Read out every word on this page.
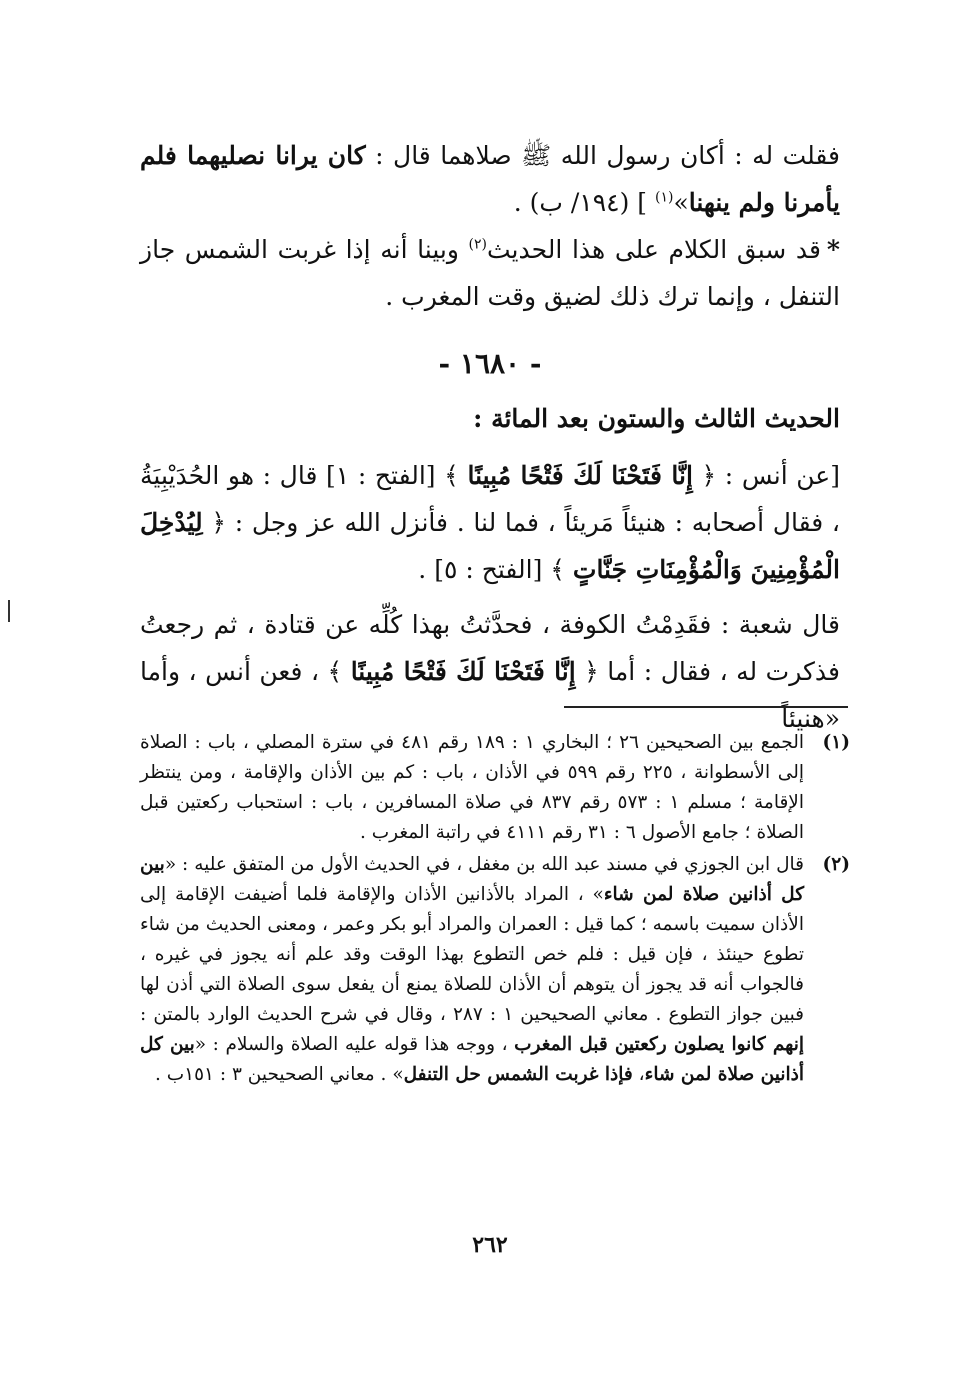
فقلت له : أكان رسول الله ﷺ صلاهما قال : كان يرانا نصليهما فلم يأمرنا ولم ينهنا»$^{(١)}$ ] (١٩٤/ ب) .

*قد سبق الكلام على هذا الحديث$^{(٢)}$ وبينا أنه إذا غربت الشمس جاز التنفل ، وإنما ترك ذلك لضيق وقت المغرب .

- ١٦٨٠ -

الحديث الثالث والستون بعد المائة :

[عن أنس : ﴿ إِنَّا فَتَحْنَا لَكَ فَتْحًا مُبِينًا ﴾ [الفتح : ١] قال : هو الحُدَيْبِيَةُ ، فقال أصحابه : هنيئاً مَريئاً ، فما لنا . فأنزل الله عز وجل : ﴿ لِيُدْخِلَ الْمُؤْمِنِينَ وَالْمُؤْمِنَاتِ جَنَّاتٍ ﴾ [الفتح : ٥] .

قال شعبة : فقَدِمْتُ الكوفة ، فحدَّثتُ بهذا كُلِّه عن قتادة ، ثم رجعتُ فذكرت له ، فقال : أما ﴿ إِنَّا فَتَحْنَا لَكَ فَتْحًا مُبِينًا ﴾ ، فعن أنس ، وأما «هنيئاً

(١)
الجمع بين الصحيحين ٢٦ ؛ البخاري ١ : ١٨٩ رقم ٤٨١ في سترة المصلي ، باب : الصلاة إلى الأسطوانة ، ٢٢٥ رقم ٥٩٩ في الأذان ، باب : كم بين الأذان والإقامة ، ومن ينتظر الإقامة ؛ مسلم ١ : ٥٧٣ رقم ٨٣٧ في صلاة المسافرين ، باب : استحباب ركعتين قبل الصلاة ؛ جامع الأصول ٦ : ٣١ رقم ٤١١١ في راتبة المغرب .

(٢)
قال ابن الجوزي في مسند عبد الله بن مغفل ، في الحديث الأول من المتفق عليه : «بين كل أذانين صلاة لمن شاء» ، المراد بالأذانين الأذان والإقامة فلما أضيفت الإقامة إلى الأذان سميت باسمه ؛ كما قيل : العمران والمراد أبو بكر وعمر ، ومعنى الحديث من شاء تطوع حينئذ ، فإن قيل : فلم خص التطوع بهذا الوقت وقد علم أنه يجوز في غيره ، فالجواب أنه قد يجوز أن يتوهم أن الأذان للصلاة يمنع أن يفعل سوى الصلاة التي أذن لها فبين جواز التطوع . معاني الصحيحين ١ : ٢٨٧ ، وقال في شرح الحديث الوارد بالمتن : إنهم كانوا يصلون ركعتين قبل المغرب ، ووجه هذا قوله عليه الصلاة والسلام : «بين كل أذانين صلاة لمن شاء، فإذا غربت الشمس حل التنفل» . معاني الصحيحين ٣ : ١٥١ب .

٢٦٢
